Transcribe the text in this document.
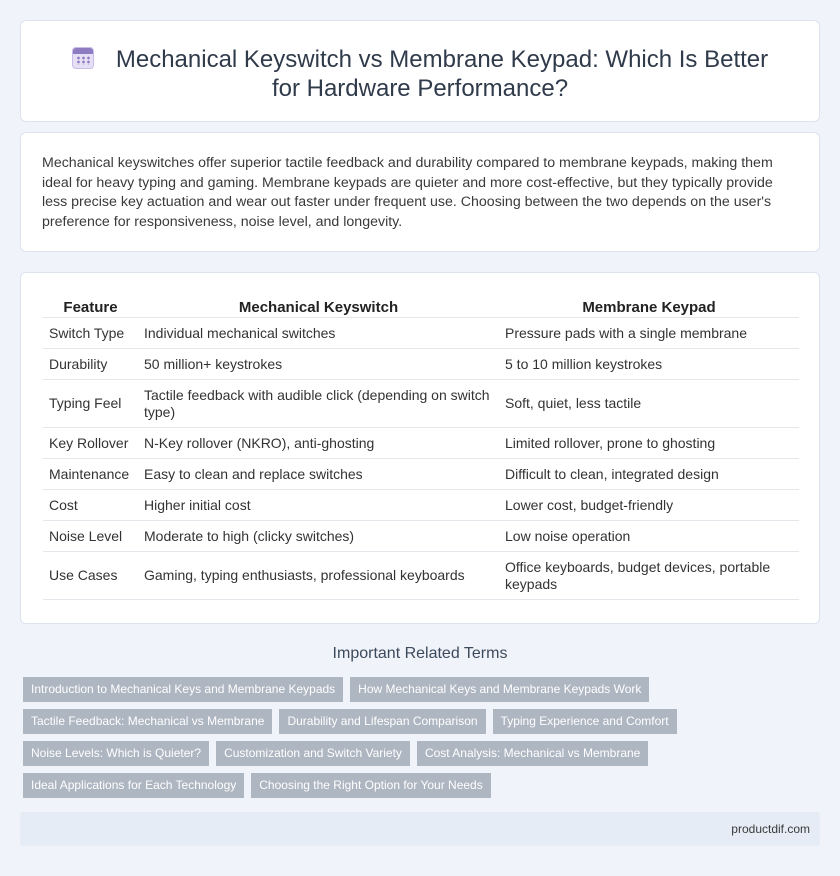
Mechanical Keyswitch vs Membrane Keypad: Which Is Better for Hardware Performance?

Mechanical keyswitches offer superior tactile feedback and durability compared to membrane keypads, making them ideal for heavy typing and gaming. Membrane keypads are quieter and more cost-effective, but they typically provide less precise key actuation and wear out faster under frequent use. Choosing between the two depends on the user's preference for responsiveness, noise level, and longevity.

Feature	Mechanical Keyswitch	Membrane Keypad
Switch Type	Individual mechanical switches	Pressure pads with a single membrane
Durability	50 million+ keystrokes	5 to 10 million keystrokes
Typing Feel	Tactile feedback with audible click (depending on switch type)	Soft, quiet, less tactile
Key Rollover	N-Key rollover (NKRO), anti-ghosting	Limited rollover, prone to ghosting
Maintenance	Easy to clean and replace switches	Difficult to clean, integrated design
Cost	Higher initial cost	Lower cost, budget-friendly
Noise Level	Moderate to high (clicky switches)	Low noise operation
Use Cases	Gaming, typing enthusiasts, professional keyboards	Office keyboards, budget devices, portable keypads
Important Related Terms
Introduction to Mechanical Keys and Membrane Keypads	How Mechanical Keys and Membrane Keypads Work
Tactile Feedback: Mechanical vs Membrane	Durability and Lifespan Comparison	Typing Experience and Comfort
Noise Levels: Which is Quieter?	Customization and Switch Variety	Cost Analysis: Mechanical vs Membrane
Ideal Applications for Each Technology	Choosing the Right Option for Your Needs
productdif.com
